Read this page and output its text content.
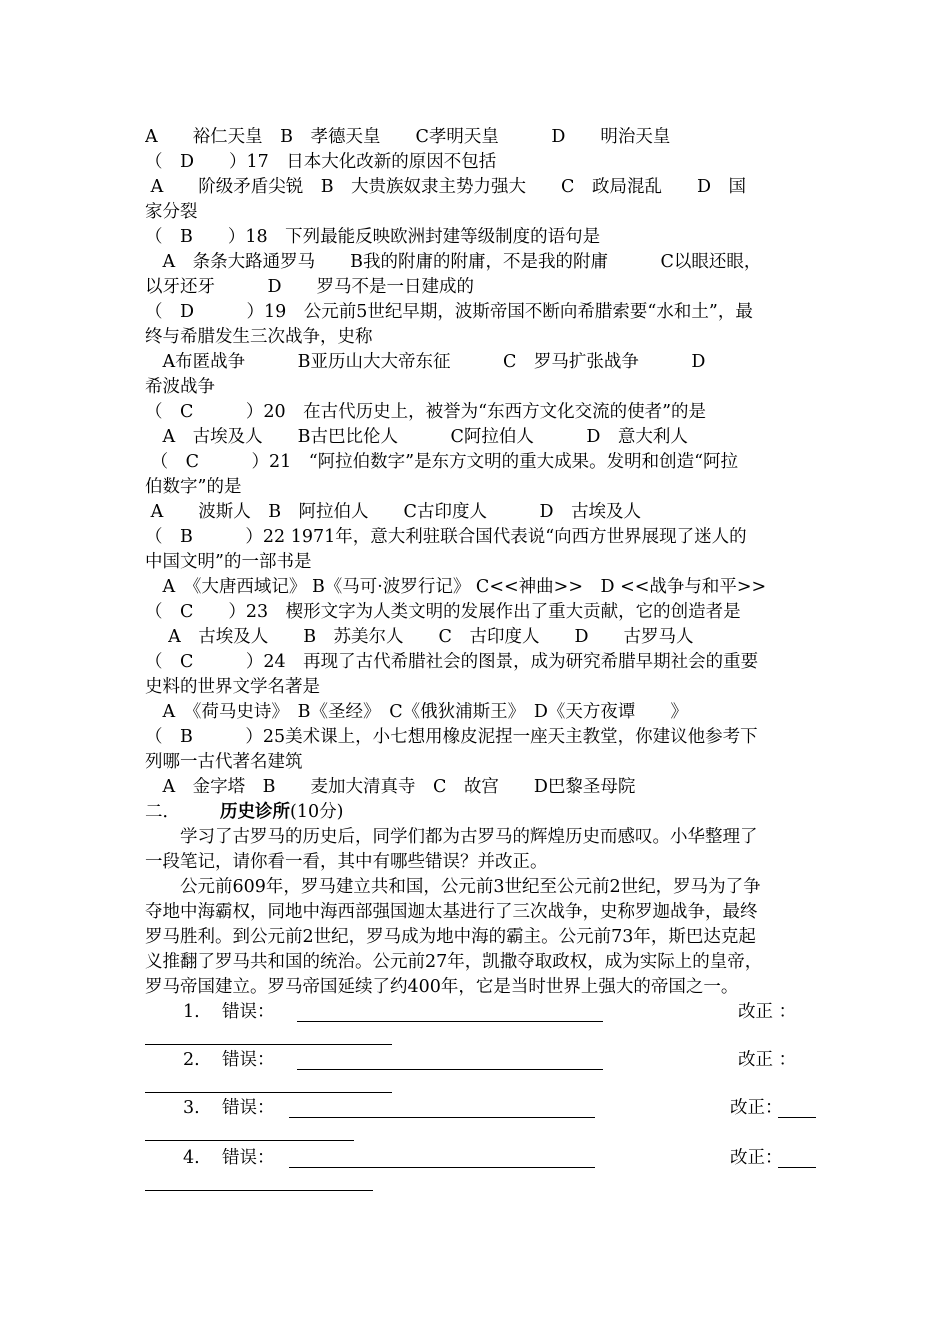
A　　裕仁天皇　B　孝德天皇　　C孝明天皇　　　D　　明治天皇
（　D　　）17　日本大化改新的原因不包括
A　　阶级矛盾尖锐　B　大贵族奴隶主势力强大　　C　政局混乱　　D　国
家分裂
（　B　　）18　下列最能反映欧洲封建等级制度的语句是
　A　条条大路通罗马　　B我的附庸的附庸，不是我的附庸　　　C以眼还眼，
以牙还牙　　　D　　罗马不是一日建成的
（　D　　　）19　公元前5世纪早期，波斯帝国不断向希腊索要“水和土”，最
终与希腊发生三次战争，史称
　A布匿战争　　　B亚历山大大帝东征　　　C　罗马扩张战争　　　D
希波战争
（　C　　　）20　在古代历史上，被誉为“东西方文化交流的使者”的是
　A　古埃及人　　B古巴比伦人　　　C阿拉伯人　　　D　意大利人
（　C　　　）21　“阿拉伯数字”是东方文明的重大成果。发明和创造“阿拉
伯数字”的是
A　　波斯人　B　阿拉伯人　　C古印度人　　　D　古埃及人
（　B　　　）22 1971年，意大利驻联合国代表说“向西方世界展现了迷人的
中国文明”的一部书是
　A　《大唐西域记》 B《马可·波罗行记》 C<<神曲>>　D <<战争与和平>>
（　C　　）23　楔形文字为人类文明的发展作出了重大贡献，它的创造者是
　 A　古埃及人　　B　苏美尔人　　C　古印度人　　D　　古罗马人
（　C　　　）24　再现了古代希腊社会的图景，成为研究希腊早期社会的重要
史料的世界文学名著是
　A　《荷马史诗》　B《圣经》　C《俄狄浦斯王》　D《天方夜谭　　》
（　B　　　）25美术课上，小七想用橡皮泥捏一座天主教堂，你建议他参考下
列哪一古代著名建筑
　A　金字塔　B　　麦加大清真寺　C　故宫　　D巴黎圣母院
二． 历史诊所(10分)
　　学习了古罗马的历史后，同学们都为古罗马的辉煌历史而感叹。小华整理了
一段笔记，请你看一看，其中有哪些错误？并改正。
　　公元前609年，罗马建立共和国，公元前3世纪至公元前2世纪，罗马为了争
夺地中海霸权，同地中海西部强国迦太基进行了三次战争，史称罗迦战争，最终
罗马胜利。到公元前2世纪，罗马成为地中海的霸主。公元前73年，斯巴达克起
义推翻了罗马共和国的统治。公元前27年，凯撒夺取政权，成为实际上的皇帝，
罗马帝国建立。罗马帝国延续了约400年，它是当时世界上强大的帝国之一。
1. 错误：	改正 ：
2. 错误：	改正 ：
3. 错误：	改正：
4. 错误：	改正：
